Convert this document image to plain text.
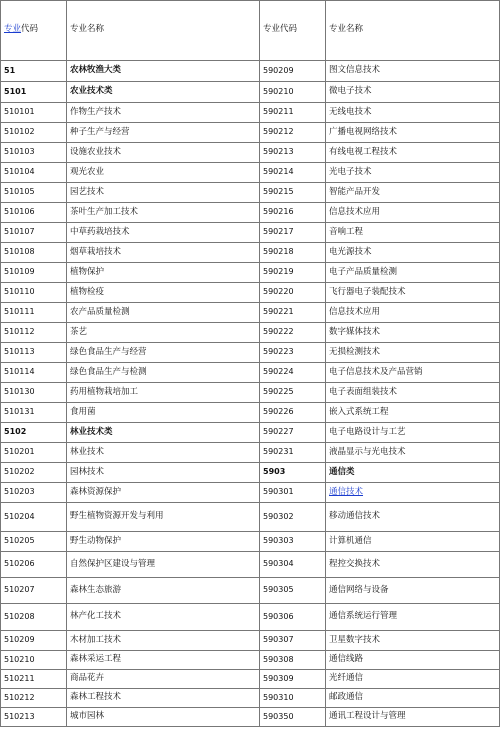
专业代码	专业名称	专业代码	专业名称
51	农林牧渔大类	590209	图文信息技术
5101	农业技术类	590210	微电子技术
510101	作物生产技术	590211	无线电技术
510102	种子生产与经营	590212	广播电视网络技术
510103	设施农业技术	590213	有线电视工程技术
510104	观光农业	590214	光电子技术
510105	园艺技术	590215	智能产品开发
510106	茶叶生产加工技术	590216	信息技术应用
510107	中草药栽培技术	590217	音响工程
510108	烟草栽培技术	590218	电光源技术
510109	植物保护	590219	电子产品质量检测
510110	植物检疫	590220	飞行器电子装配技术
510111	农产品质量检测	590221	信息技术应用
510112	茶艺	590222	数字媒体技术
510113	绿色食品生产与经营	590223	无损检测技术
510114	绿色食品生产与检测	590224	电子信息技术及产品营销
510130	药用植物栽培加工	590225	电子表面组装技术
510131	食用菌	590226	嵌入式系统工程
5102	林业技术类	590227	电子电路设计与工艺
510201	林业技术	590231	液晶显示与光电技术
510202	园林技术	5903	通信类
510203	森林资源保护	590301	通信技术
510204	野生植物资源开发与利用	590302	移动通信技术
510205	野生动物保护	590303	计算机通信
510206	自然保护区建设与管理	590304	程控交换技术
510207	森林生态旅游	590305	通信网络与设备
510208	林产化工技术	590306	通信系统运行管理
510209	木材加工技术	590307	卫星数字技术
510210	森林采运工程	590308	通信线路
510211	商品花卉	590309	光纤通信
510212	森林工程技术	590310	邮政通信
510213	城市园林	590350	通讯工程设计与管理
